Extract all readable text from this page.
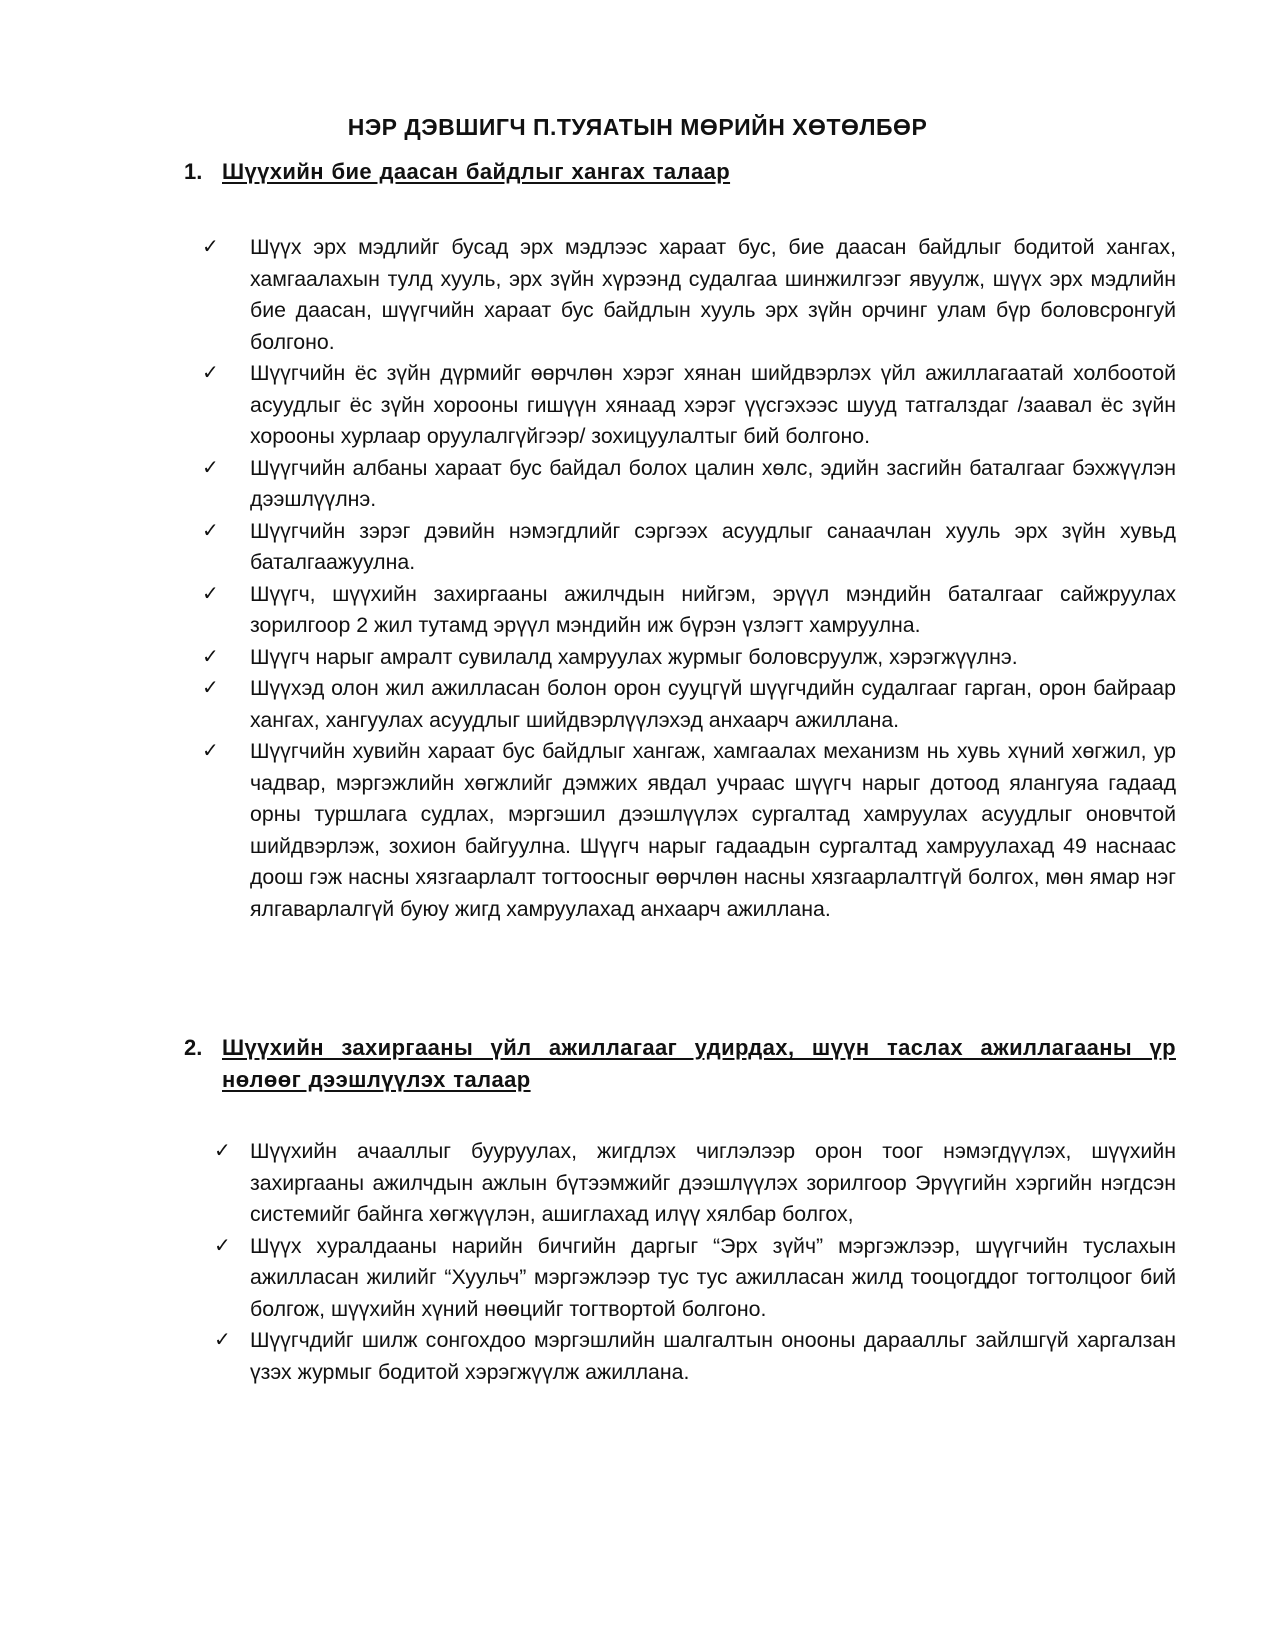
НЭР ДЭВШИГЧ П.ТУЯАТЫН МӨРИЙН ХӨТӨЛБӨР
1. Шүүхийн бие даасан байдлыг хангах талаар
✓ Шүүх эрх мэдлийг бусад эрх мэдлээс хараат бус, бие даасан байдлыг бодитой хангах, хамгаалахын тулд хууль, эрх зүйн хүрээнд судалгаа шинжилгээг явуулж, шүүх эрх мэдлийн бие даасан, шүүгчийн хараат бус байдлын хууль эрх зүйн орчинг улам бүр боловсронгуй болгоно.
✓ Шүүгчийн ёс зүйн дүрмийг өөрчлөн хэрэг хянан шийдвэрлэх үйл ажиллагаатай холбоотой асуудлыг ёс зүйн хорооны гишүүн хянаад хэрэг үүсгэхээс шууд татгалздаг /заавал ёс зүйн хорооны хурлаар оруулалгүйгээр/ зохицуулалтыг бий болгоно.
✓ Шүүгчийн албаны хараат бус байдал болох цалин хөлс, эдийн засгийн баталгааг бэхжүүлэн дээшлүүлнэ.
✓ Шүүгчийн зэрэг дэвийн нэмэгдлийг сэргээх асуудлыг санаачлан хууль эрх зүйн хувьд баталгаажуулна.
✓ Шүүгч, шүүхийн захиргааны ажилчдын нийгэм, эрүүл мэндийн баталгааг сайжруулах зорилгоор 2 жил тутамд эрүүл мэндийн иж бүрэн үзлэгт хамруулна.
✓ Шүүгч нарыг амралт сувилалд хамруулах журмыг боловсруулж, хэрэгжүүлнэ.
✓ Шүүхэд олон жил ажилласан болон орон сууцгүй шүүгчдийн судалгааг гарган, орон байраар хангах, хангуулах асуудлыг шийдвэрлүүлэхэд анхаарч ажиллана.
✓ Шүүгчийн хувийн хараат бус байдлыг хангаж, хамгаалах механизм нь хувь хүний хөгжил, ур чадвар, мэргэжлийн хөгжлийг дэмжих явдал учраас шүүгч нарыг дотоод ялангуяа гадаад орны туршлага судлах, мэргэшил дээшлүүлэх сургалтад хамруулах асуудлыг оновчтой шийдвэрлэж, зохион байгуулна. Шүүгч нарыг гадаадын сургалтад хамруулахад 49 наснаас доош гэж насны хязгаарлалт тогтоосныг өөрчлөн насны хязгаарлалтгүй болгох, мөн ямар нэг ялгаварлалгүй буюу жигд хамруулахад анхаарч ажиллана.
2. Шүүхийн захиргааны үйл ажиллагааг удирдах, шүүн таслах ажиллагааны үр нөлөөг дээшлүүлэх талаар
✓ Шүүхийн ачааллыг бууруулах, жигдлэх чиглэлээр орон тоог нэмэгдүүлэх, шүүхийн захиргааны ажилчдын ажлын бүтээмжийг дээшлүүлэх зорилгоор Эрүүгийн хэргийн нэгдсэн системийг байнга хөгжүүлэн, ашиглахад илүү хялбар болгох,
✓ Шүүх хуралдааны нарийн бичгийн даргыг “Эрх зүйч” мэргэжлээр, шүүгчийн туслахын ажилласан жилийг “Хуульч” мэргэжлээр тус тус ажилласан жилд тооцогддог тогтолцоог бий болгож, шүүхийн хүний нөөцийг тогтвортой болгоно.
✓ Шүүгчдийг шилж сонгохдоо мэргэшлийн шалгалтын онооны дараалльг зайлшгүй харгалзан үзэх журмыг бодитой хэрэгжүүлж ажиллана.
